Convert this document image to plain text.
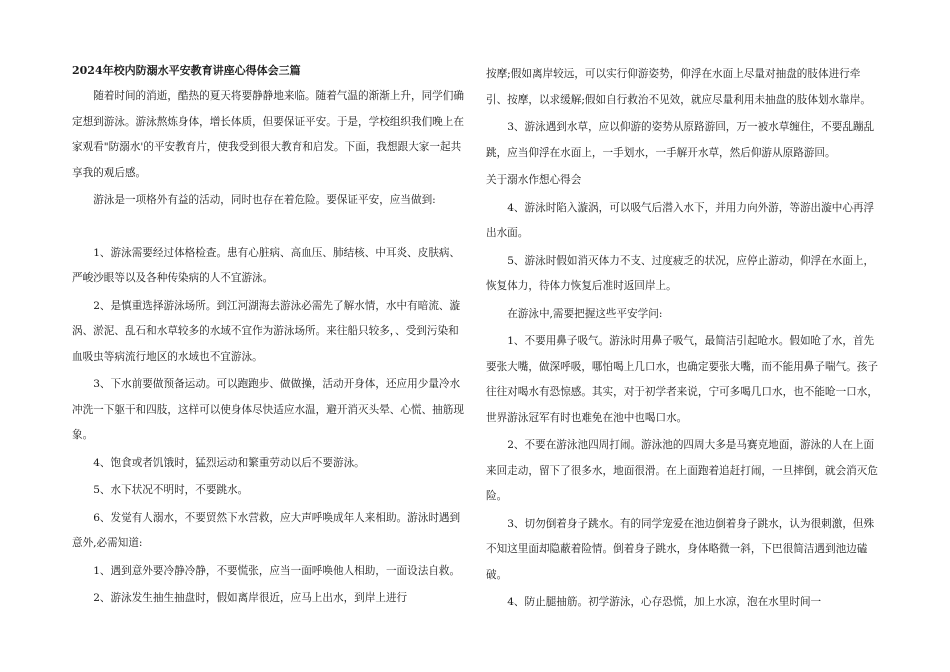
2024年校内防溺水平安教育讲座心得体会三篇
随着时间的消逝，酷热的夏天将要静静地来临。随着气温的渐渐上升，同学们确定想到游泳。游泳熬炼身体，增长体质，但要保证平安。于是，学校组织我们晚上在家观看"防溺水'的平安教育片，使我受到很大教育和启发。下面，我想跟大家一起共享我的观后感。
游泳是一项格外有益的活动，同时也存在着危险。要保证平安，应当做到:
1、游泳需要经过体格检查。患有心脏病、高血压、肺结核、中耳炎、皮肤病、严峻沙眼等以及各种传染病的人不宜游泳。
2、是慎重选择游泳场所。到江河湖海去游泳必需先了解水情，水中有暗流、漩涡、淤泥、乱石和水草较多的水域不宜作为游泳场所。来往船只较多，、受到污染和血吸虫等病流行地区的水域也不宜游泳。
3、下水前要做预备运动。可以跑跑步、做做操，活动开身体，还应用少量冷水冲洗一下躯干和四肢，这样可以使身体尽快适应水温，避开消灭头晕、心慌、抽筋现象。
4、饱食或者饥饿时，猛烈运动和繁重劳动以后不要游泳。
5、水下状况不明时，不要跳水。
6、发觉有人溺水，不要贸然下水营救，应大声呼唤成年人来相助。游泳时遇到意外,必需知道:
1、遇到意外要冷静冷静，不要慌张，应当一面呼唤他人相助，一面设法自救。
2、游泳发生抽生抽盘时，假如离岸很近，应马上出水，到岸上进行
按摩;假如离岸较远，可以实行仰游姿势，仰浮在水面上尽量对抽盘的肢体进行牵引、按摩，以求缓解;假如自行救治不见效，就应尽量利用未抽盘的肢体划水靠岸。
3、游泳遇到水草，应以仰游的姿势从原路游回，万一被水草缠住，不要乱蹦乱跳，应当仰浮在水面上，一手划水，一手解开水草，然后仰游从原路游回。
关于溺水作想心得会
4、游泳时陷入漩涡，可以吸气后潜入水下，并用力向外游，等游出漩中心再浮出水面。
5、游泳时假如消灭体力不支、过度疲乏的状况，应停止游动，仰浮在水面上，恢复体力，待体力恢复后准时返回岸上。
在游泳中,需要把握这些平安学问:
1、不要用鼻子吸气。游泳时用鼻子吸气，最简洁引起呛水。假如呛了水，首先要张大嘴，做深呼吸，哪怕喝上几口水，也确定要张大嘴，而不能用鼻子喘气。孩子往往对喝水有恐惊感。其实，对于初学者来说，宁可多喝几口水，也不能呛一口水，世界游泳冠军有时也难免在池中也喝口水。
2、不要在游泳池四周打闹。游泳池的四周大多是马赛克地面，游泳的人在上面来回走动，留下了很多水，地面很滑。在上面跑着追赶打闹，一旦摔倒，就会消灭危险。
3、切勿倒着身子跳水。有的同学宠爱在池边倒着身子跳水，认为很刺激，但殊不知这里面却隐蔽着险情。倒着身子跳水，身体略微一斜，下巴很简洁遇到池边磕破。
4、防止腿抽筋。初学游泳，心存恐慌，加上水凉，泡在水里时间一
